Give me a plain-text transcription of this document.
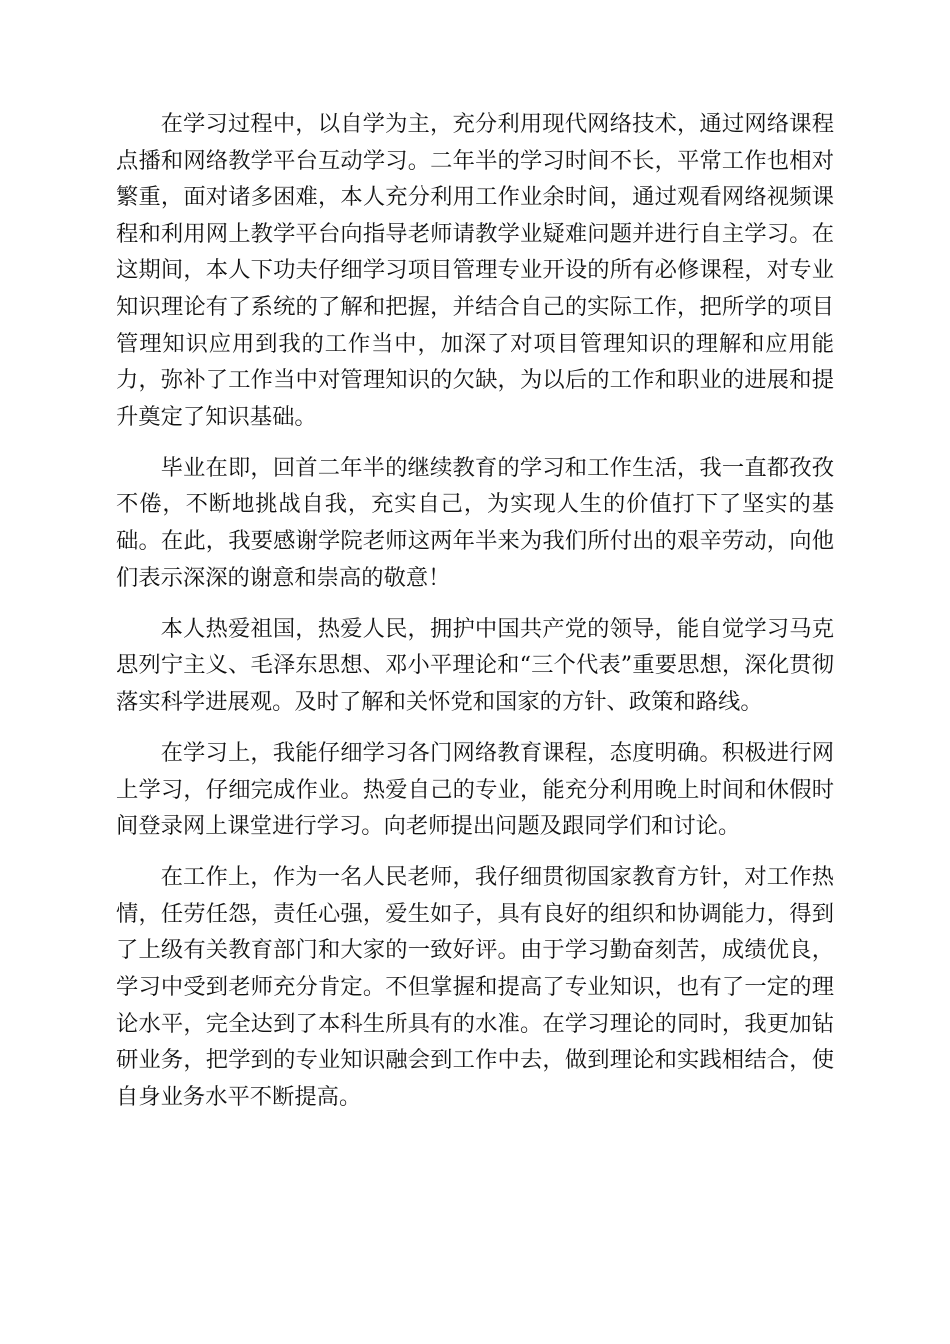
在学习过程中，以自学为主，充分利用现代网络技术，通过网络课程点播和网络教学平台互动学习。二年半的学习时间不长，平常工作也相对繁重，面对诸多困难，本人充分利用工作业余时间，通过观看网络视频课程和利用网上教学平台向指导老师请教学业疑难问题并进行自主学习。在这期间，本人下功夫仔细学习项目管理专业开设的所有必修课程，对专业知识理论有了系统的了解和把握，并结合自己的实际工作，把所学的项目管理知识应用到我的工作当中，加深了对项目管理知识的理解和应用能力，弥补了工作当中对管理知识的欠缺，为以后的工作和职业的进展和提升奠定了知识基础。

毕业在即，回首二年半的继续教育的学习和工作生活，我一直都孜孜不倦，不断地挑战自我，充实自己，为实现人生的价值打下了坚实的基础。在此，我要感谢学院老师这两年半来为我们所付出的艰辛劳动，向他们表示深深的谢意和崇高的敬意！

本人热爱祖国，热爱人民，拥护中国共产党的领导，能自觉学习马克思列宁主义、毛泽东思想、邓小平理论和“三个代表”重要思想，深化贯彻落实科学进展观。及时了解和关怀党和国家的方针、政策和路线。

在学习上，我能仔细学习各门网络教育课程，态度明确。积极进行网上学习，仔细完成作业。热爱自己的专业，能充分利用晚上时间和休假时间登录网上课堂进行学习。向老师提出问题及跟同学们和讨论。

在工作上，作为一名人民老师，我仔细贯彻国家教育方针，对工作热情，任劳任怨，责任心强，爱生如子，具有良好的组织和协调能力，得到了上级有关教育部门和大家的一致好评。由于学习勤奋刻苦，成绩优良，学习中受到老师充分肯定。不但掌握和提高了专业知识，也有了一定的理论水平，完全达到了本科生所具有的水准。在学习理论的同时，我更加钻研业务，把学到的专业知识融会到工作中去，做到理论和实践相结合，使自身业务水平不断提高。
